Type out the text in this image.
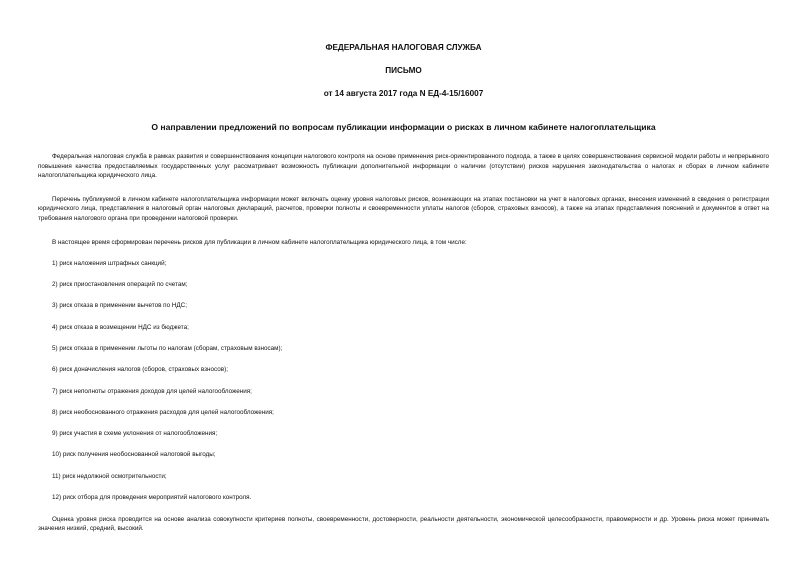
ФЕДЕРАЛЬНАЯ НАЛОГОВАЯ СЛУЖБА
ПИСЬМО
от 14 августа 2017 года N ЕД-4-15/16007
О направлении предложений по вопросам публикации информации о рисках в личном кабинете налогоплательщика

Федеральная налоговая служба в рамках развития и совершенствования концепции налогового контроля на основе применения риск-ориентированного подхода, а также в целях совершенствования сервисной модели работы и непрерывного повышения качества предоставляемых государственных услуг рассматривает возможность публикации дополнительной информации о наличии (отсутствии) рисков нарушения законодательства о налогах и сборах в личном кабинете налогоплательщика юридического лица.

Перечень публикуемой в личном кабинете налогоплательщика информации может включать оценку уровня налоговых рисков, возникающих на этапах постановки на учет в налоговых органах, внесения изменений в сведения о регистрации юридического лица, представления в налоговый орган налоговых деклараций, расчетов, проверки полноты и своевременности уплаты налогов (сборов, страховых взносов), а также на этапах представления пояснений и документов в ответ на требования налогового органа при проведении налоговой проверки.

В настоящее время сформирован перечень рисков для публикации в личном кабинете налогоплательщика юридического лица, в том числе:

1) риск наложения штрафных санкций;
2) риск приостановления операций по счетам;
3) риск отказа в применении вычетов по НДС;
4) риск отказа в возмещении НДС из бюджета;
5) риск отказа в применении льготы по налогам (сборам, страховым взносам);
6) риск доначисления налогов (сборов, страховых взносов);
7) риск неполноты отражения доходов для целей налогообложения;
8) риск необоснованного отражения расходов для целей налогообложения;
9) риск участия в схеме уклонения от налогообложения;
10) риск получения необоснованной налоговой выгоды;
11) риск недолжной осмотрительности;
12) риск отбора для проведения мероприятий налогового контроля.

Оценка уровня риска проводится на основе анализа совокупности критериев полноты, своевременности, достоверности, реальности деятельности, экономической целесообразности, правомерности и др. Уровень риска может принимать значения низкий, средний, высокий.
